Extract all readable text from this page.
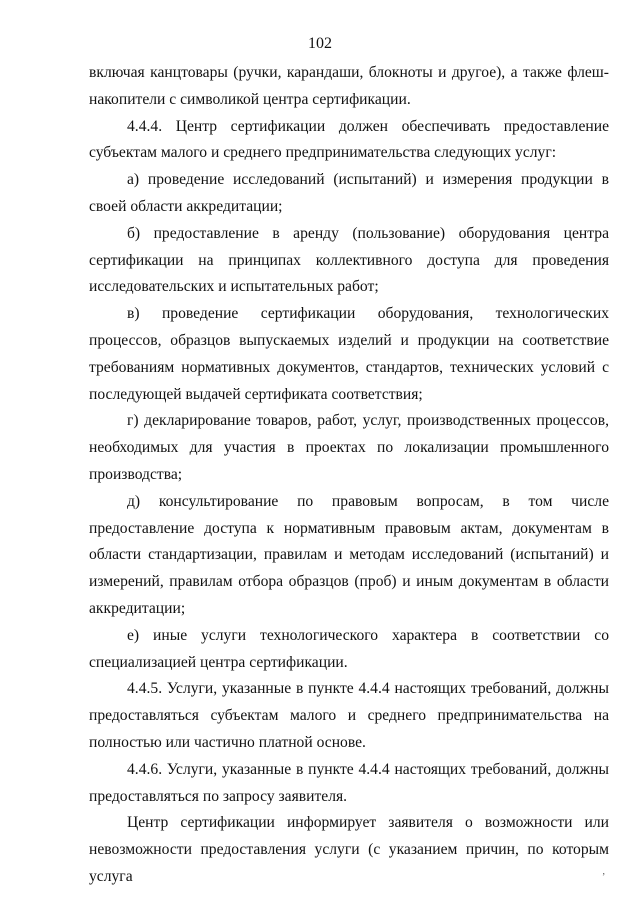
102

включая канцтовары (ручки, карандаши, блокноты и другое), а также флеш-накопители с символикой центра сертификации.

4.4.4. Центр сертификации должен обеспечивать предоставление субъектам малого и среднего предпринимательства следующих услуг:

а) проведение исследований (испытаний) и измерения продукции в своей области аккредитации;

б) предоставление в аренду (пользование) оборудования центра сертификации на принципах коллективного доступа для проведения исследовательских и испытательных работ;

в) проведение сертификации оборудования, технологических процессов, образцов выпускаемых изделий и продукции на соответствие требованиям нормативных документов, стандартов, технических условий с последующей выдачей сертификата соответствия;

г) декларирование товаров, работ, услуг, производственных процессов, необходимых для участия в проектах по локализации промышленного производства;

д) консультирование по правовым вопросам, в том числе предоставление доступа к нормативным правовым актам, документам в области стандартизации, правилам и методам исследований (испытаний) и измерений, правилам отбора образцов (проб) и иным документам в области аккредитации;

е) иные услуги технологического характера в соответствии со специализацией центра сертификации.

4.4.5. Услуги, указанные в пункте 4.4.4 настоящих требований, должны предоставляться субъектам малого и среднего предпринимательства на полностью или частично платной основе.

4.4.6. Услуги, указанные в пункте 4.4.4 настоящих требований, должны предоставляться по запросу заявителя.

Центр сертификации информирует заявителя о возможности или невозможности предоставления услуги (с указанием причин, по которым услуга	‚
